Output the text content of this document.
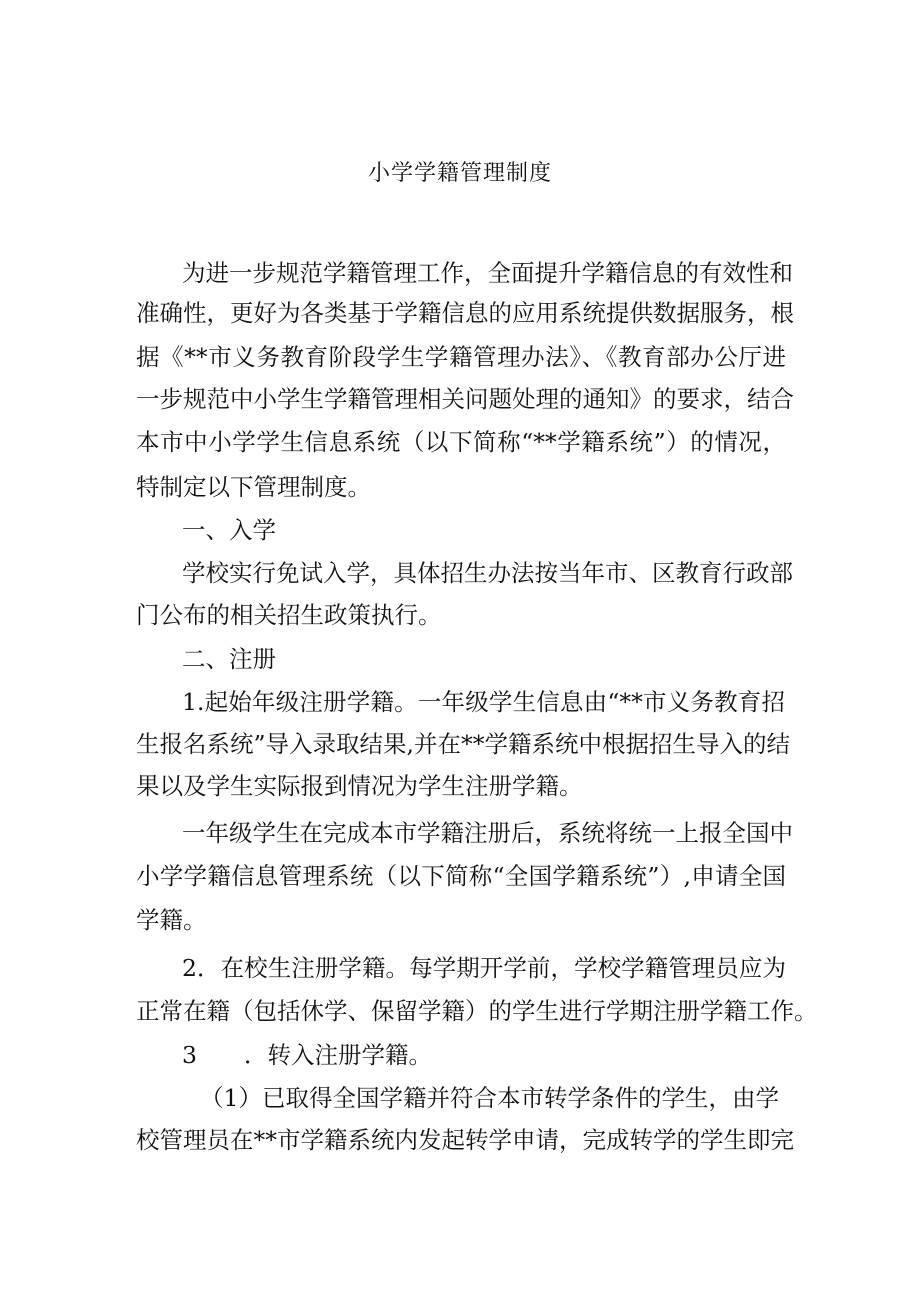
小学学籍管理制度
为进一步规范学籍管理工作，全面提升学籍信息的有效性和
准确性，更好为各类基于学籍信息的应用系统提供数据服务，根
据《**市义务教育阶段学生学籍管理办法》、《教育部办公厅进
一步规范中小学生学籍管理相关问题处理的通知》的要求，结合
本市中小学学生信息系统（以下简称“**学籍系统”）的情况，
特制定以下管理制度。
一、入学
学校实行免试入学，具体招生办法按当年市、区教育行政部
门公布的相关招生政策执行。
二、注册
1.起始年级注册学籍。一年级学生信息由“**市义务教育招
生报名系统”导入录取结果,并在**学籍系统中根据招生导入的结
果以及学生实际报到情况为学生注册学籍。
一年级学生在完成本市学籍注册后，系统将统一上报全国中
小学学籍信息管理系统（以下简称“全国学籍系统”）,申请全国
学籍。
2．在校生注册学籍。每学期开学前，学校学籍管理员应为
正常在籍（包括休学、保留学籍）的学生进行学期注册学籍工作。
3　　．转入注册学籍。
（1）已取得全国学籍并符合本市转学条件的学生，由学
校管理员在**市学籍系统内发起转学申请，完成转学的学生即完
